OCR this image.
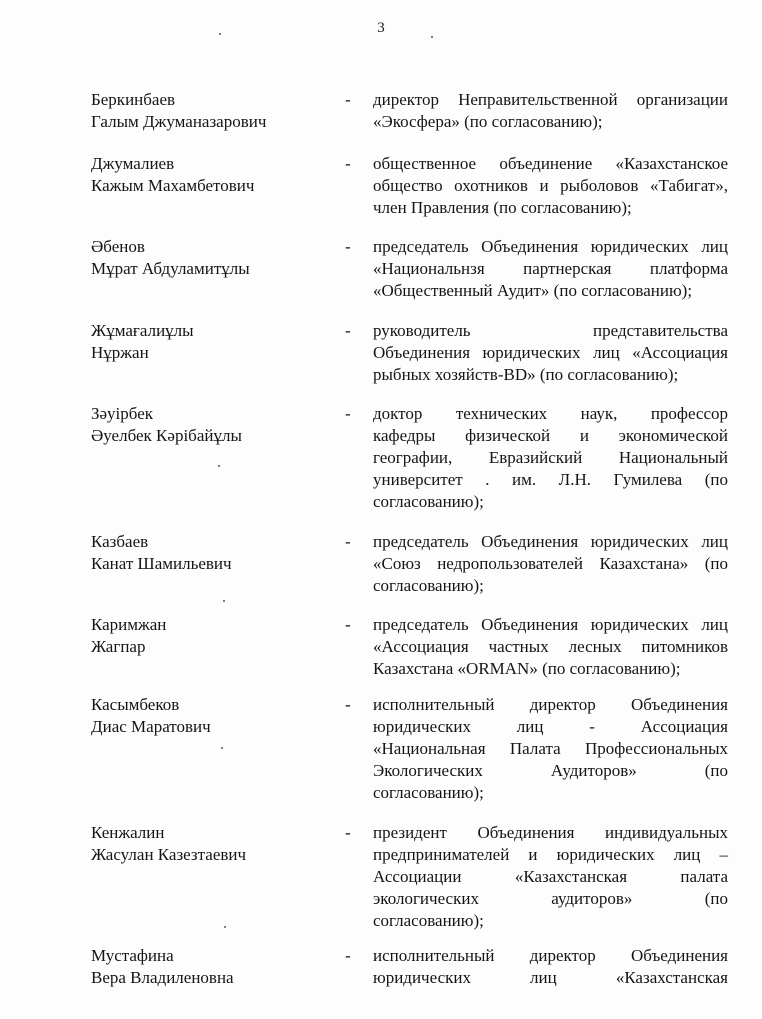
3
Беркинбаев
Галым Джуманазарович
-	директор Неправительственной организации
«Экосфера» (по согласованию);
Джумалиев
Кажым Махамбетович
-	общественное объединение «Казахстанское
общество охотников и рыболовов «Табигат»,
член Правления (по согласованию);
Әбенов
Мұрат Абдуламитұлы
-	председатель Объединения юридических лиц
«Национальнзя партнерская платформа
«Общественный Аудит» (по согласованию);
Жұмағалиұлы
Нұржан
-	руководитель представительства
Объединения юридических лиц «Ассоциация
рыбных хозяйств-BD» (по согласованию);
Зәуірбек
Әуелбек Кәрібайұлы
-	доктор технических наук, профессор
кафедры физической и экономической
географии, Евразийский Национальный
университет . им. Л.Н. Гумилева (по
согласованию);
Казбаев
Канат Шамильевич
-	председатель Объединения юридических лиц
«Союз недропользователей Казахстана» (по
согласованию);
Каримжан
Жагпар
-	председатель Объединения юридических лиц
«Ассоциация частных лесных питомников
Казахстана «ORMAN» (по согласованию);
Касымбеков
Диас Маратович
-	исполнительный директор Объединения
юридических лиц - Ассоциация
«Национальная Палата Профессиональных
Экологических Аудиторов» (по
согласованию);
Кенжалин
Жасулан Казезтаевич
-	президент Объединения индивидуальных
предпринимателей и юридических лиц –
Ассоциации «Казахстанская палата
экологических аудиторов» (по
согласованию);
Мустафина
Вера Владиленовна
-	исполнительный директор Объединения
юридических лиц «Казахстанская
